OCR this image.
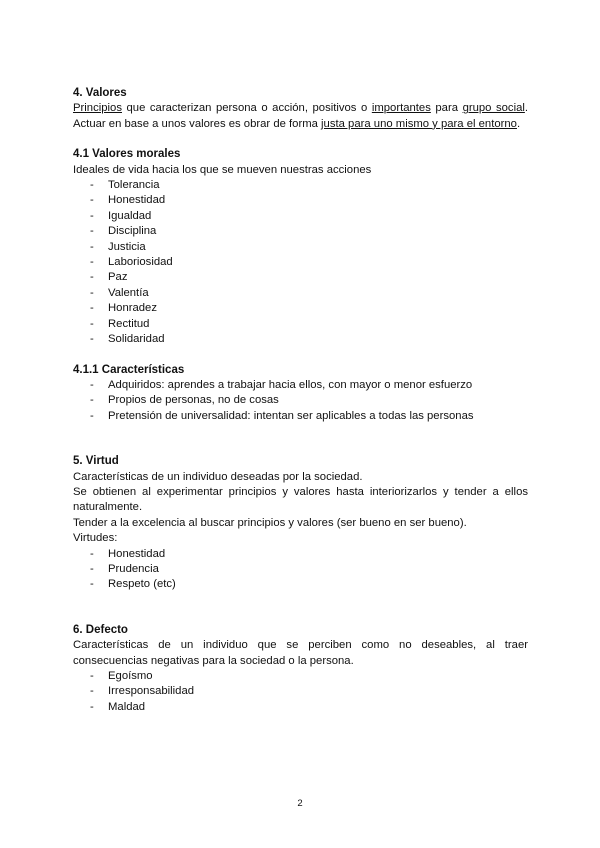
4. Valores

Principios que caracterizan persona o acción, positivos o importantes para grupo social. Actuar en base a unos valores es obrar de forma justa para uno mismo y para el entorno.

4.1 Valores morales

Ideales de vida hacia los que se mueven nuestras acciones

- Tolerancia
- Honestidad
- Igualdad
- Disciplina
- Justicia
- Laboriosidad
- Paz
- Valentía
- Honradez
- Rectitud
- Solidaridad
4.1.1 Características
- Adquiridos: aprendes a trabajar hacia ellos, con mayor o menor esfuerzo
- Propios de personas, no de cosas
- Pretensión de universalidad: intentan ser aplicables a todas las personas
5. Virtud

Características de un individuo deseadas por la sociedad.

Se obtienen al experimentar principios y valores hasta interiorizarlos y tender a ellos naturalmente.

Tender a la excelencia al buscar principios y valores (ser bueno en ser bueno).

Virtudes:

- Honestidad
- Prudencia
- Respeto (etc)
6. Defecto

Características de un individuo que se perciben como no deseables, al traer consecuencias negativas para la sociedad o la persona.

- Egoísmo
- Irresponsabilidad
- Maldad
2
